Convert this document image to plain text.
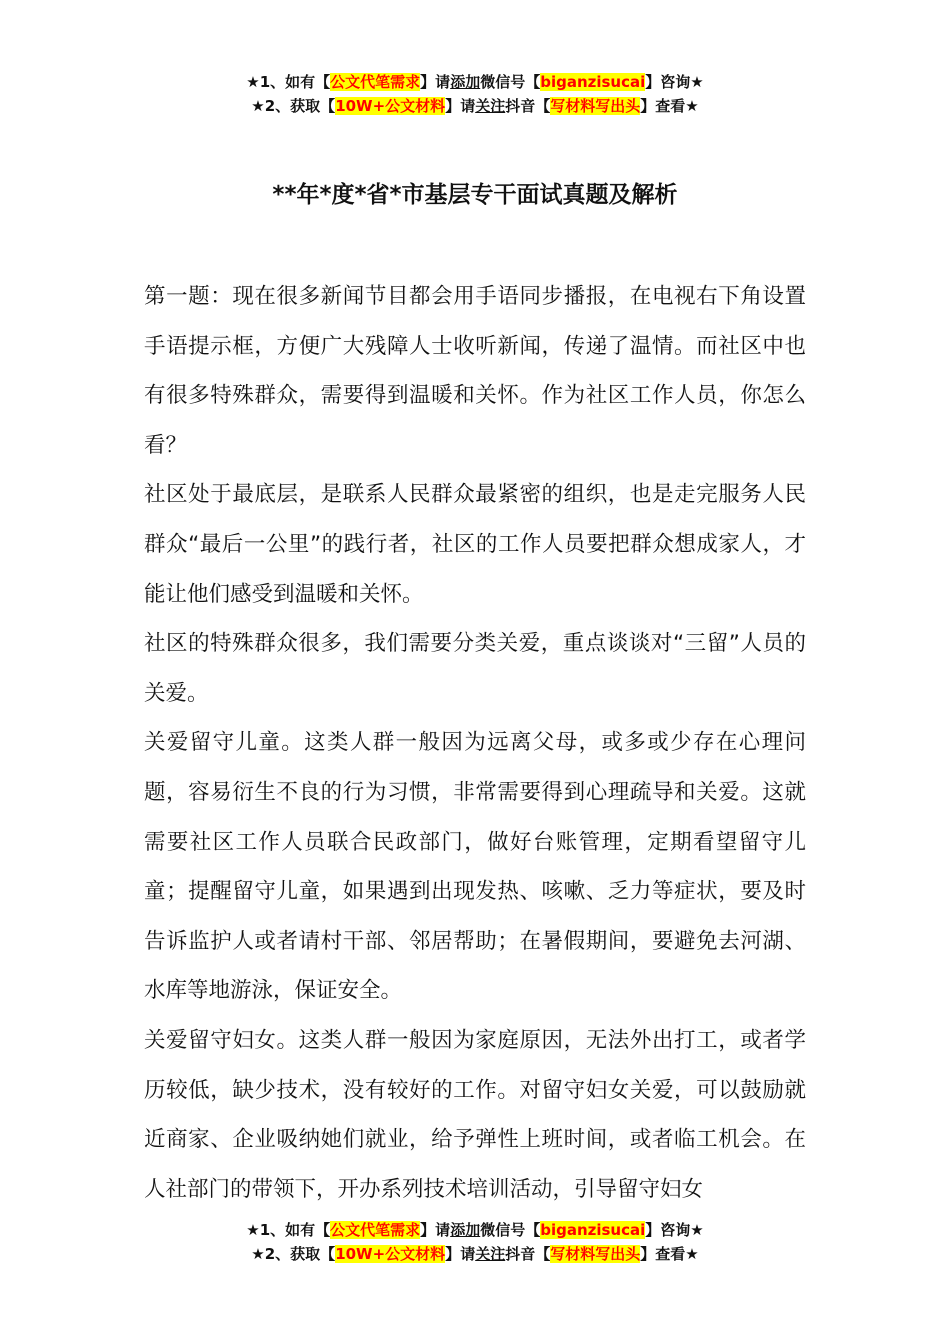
★1、如有【公文代笔需求】请添加微信号【biganzisucai】咨询★
★2、获取【10W+公文材料】请关注抖音【写材料写出头】查看★
**年*度*省*市基层专干面试真题及解析

第一题：现在很多新闻节目都会用手语同步播报，在电视右下角设置手语提示框，方便广大残障人士收听新闻，传递了温情。而社区中也有很多特殊群众，需要得到温暖和关怀。作为社区工作人员，你怎么看？

社区处于最底层，是联系人民群众最紧密的组织，也是走完服务人民群众“最后一公里”的践行者，社区的工作人员要把群众想成家人，才能让他们感受到温暖和关怀。

社区的特殊群众很多，我们需要分类关爱，重点谈谈对“三留”人员的关爱。

关爱留守儿童。这类人群一般因为远离父母，或多或少存在心理问题，容易衍生不良的行为习惯，非常需要得到心理疏导和关爱。这就需要社区工作人员联合民政部门，做好台账管理，定期看望留守儿童；提醒留守儿童，如果遇到出现发热、咳嗽、乏力等症状，要及时告诉监护人或者请村干部、邻居帮助；在暑假期间，要避免去河湖、水库等地游泳，保证安全。

关爱留守妇女。这类人群一般因为家庭原因，无法外出打工，或者学历较低，缺少技术，没有较好的工作。对留守妇女关爱，可以鼓励就近商家、企业吸纳她们就业，给予弹性上班时间，或者临工机会。在人社部门的带领下，开办系列技术培训活动，引导留守妇女

★1、如有【公文代笔需求】请添加微信号【biganzisucai】咨询★
★2、获取【10W+公文材料】请关注抖音【写材料写出头】查看★
